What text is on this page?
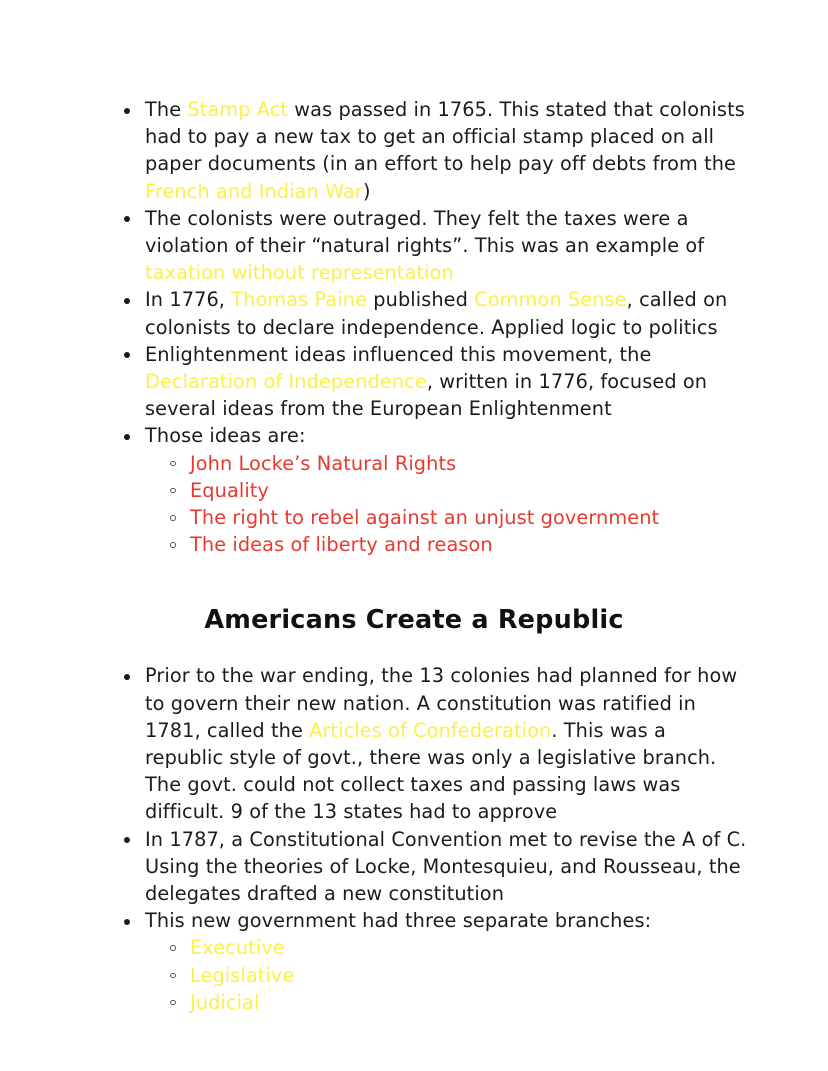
The Stamp Act was passed in 1765. This stated that colonists had to pay a new tax to get an official stamp placed on all paper documents (in an effort to help pay off debts from the French and Indian War)
The colonists were outraged. They felt the taxes were a violation of their “natural rights”. This was an example of taxation without representation
In 1776, Thomas Paine published Common Sense, called on colonists to declare independence. Applied logic to politics
Enlightenment ideas influenced this movement, the Declaration of Independence, written in 1776, focused on several ideas from the European Enlightenment
Those ideas are:
John Locke’s Natural Rights
Equality
The right to rebel against an unjust government
The ideas of liberty and reason
Americans Create a Republic
Prior to the war ending, the 13 colonies had planned for how to govern their new nation. A constitution was ratified in 1781, called the Articles of Confederation. This was a republic style of govt., there was only a legislative branch. The govt. could not collect taxes and passing laws was difficult. 9 of the 13 states had to approve
In 1787, a Constitutional Convention met to revise the A of C. Using the theories of Locke, Montesquieu, and Rousseau, the delegates drafted a new constitution
This new government had three separate branches:
Executive
Legislative
Judicial
